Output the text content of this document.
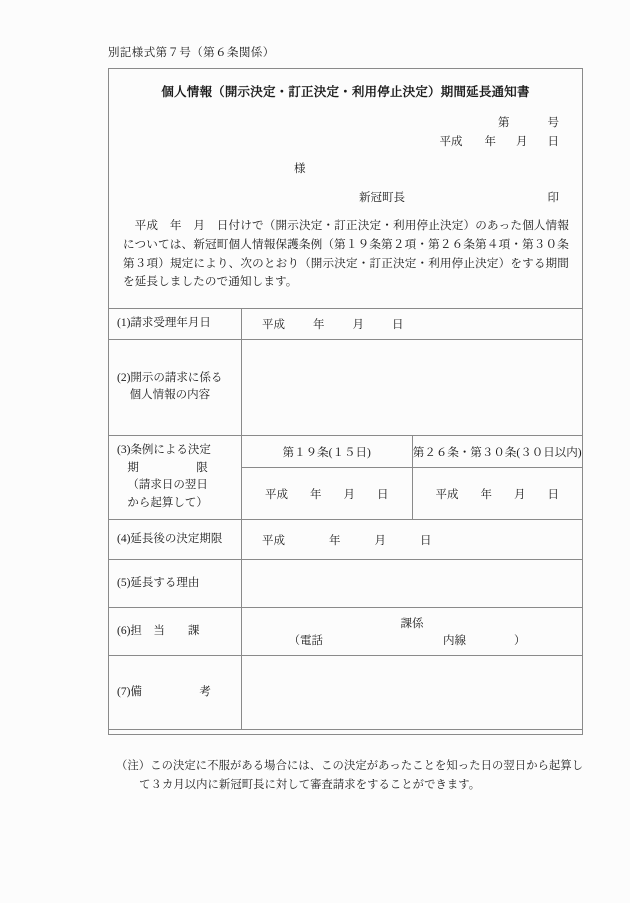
別記様式第７号（第６条関係）
個人情報（開示決定・訂正決定・利用停止決定）期間延長通知書
第	号
平成 年 月 日
様
新冠町長	印
平成　年　月　日付けで（開示決定・訂正決定・利用停止決定）のあった個人情報については、新冠町個人情報保護条例（第１９条第２項・第２６条第４項・第３０条第３項）規定により、次のとおり（開示決定・訂正決定・利用停止決定）をする期間を延長しましたので通知します。
(1)請求受理年月日	平成 年 月 日	
(2)開示の請求に係る
個人情報の内容		

(3)条例による決定
期　　　　　限
（請求日の翌日
から起算して）	第１９条(１５日)	第２６条・第３０条(３０日以内)
	平成 年 月 日	平成 年 月 日
(4)延長後の決定期限	平成 年 月 日	
(5)延長する理由		
(6)担　当　　課	課係
（電話 内線 ）	

(7)備　　　　　考		
（注）この決定に不服がある場合には、この決定があったことを知った日の翌日から起算して３カ月以内に新冠町長に対して審査請求をすることができます。
